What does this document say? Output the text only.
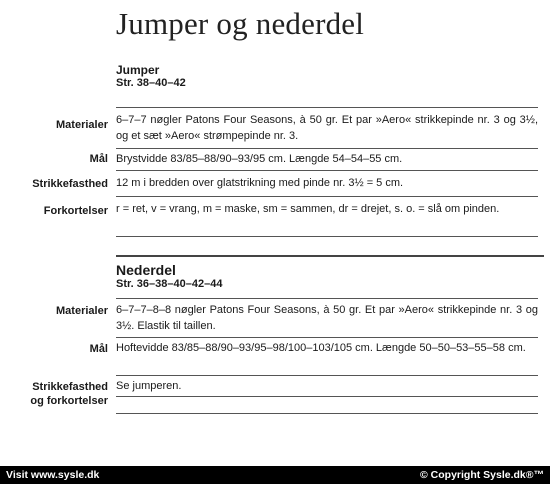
Jumper og nederdel
Jumper
Str. 38–40–42
Materialer 6–7–7 nøgler Patons Four Seasons, à 50 gr. Et par »Aero« strikkepinde nr. 3 og 3½, og et sæt »Aero« strømpepinde nr. 3.
Mål Brystvidde 83/85–88/90–93/95 cm. Længde 54–54–55 cm.
Strikkefasthed 12 m i bredden over glatstrikning med pinde nr. 3½ = 5 cm.
Forkortelser r = ret, v = vrang, m = maske, sm = sammen, dr = drejet, s. o. = slå om pinden.
Nederdel
Str. 36–38–40–42–44
Materialer 6–7–7–8–8 nøgler Patons Four Seasons, à 50 gr. Et par »Aero« strikkepinde nr. 3 og 3½. Elastik til taillen.
Mål Hoftevidde 83/85–88/90–93/95–98/100–103/105 cm. Længde 50–50–53–55–58 cm.
Strikkefasthed
og forkortelser
Se jumperen.
Visit www.sysle.dk	© Copyright Sysle.dk®™
